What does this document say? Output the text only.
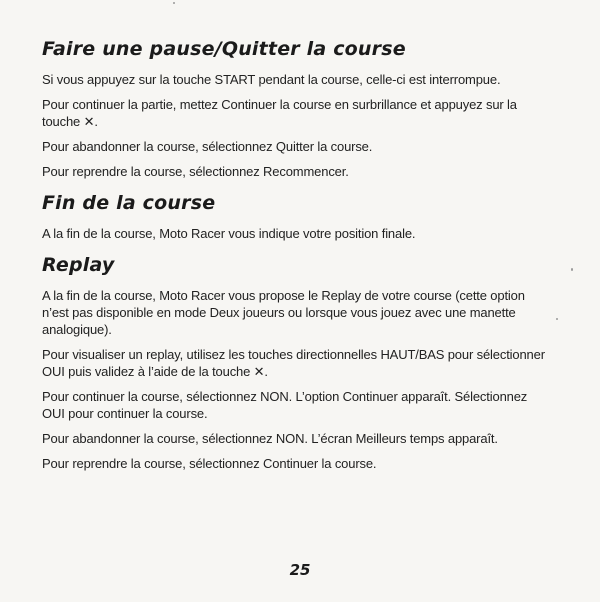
Faire une pause/Quitter la course

Si vous appuyez sur la touche START pendant la course, celle-ci est interrompue.

Pour continuer la partie, mettez Continuer la course en surbrillance et appuyez sur la touche ✕.

Pour abandonner la course, sélectionnez Quitter la course.

Pour reprendre la course, sélectionnez Recommencer.

Fin de la course

A la fin de la course, Moto Racer vous indique votre position finale.

Replay

A la fin de la course, Moto Racer vous propose le Replay de votre course (cette option n’est pas disponible en mode Deux joueurs ou lorsque vous jouez avec une manette analogique).

Pour visualiser un replay, utilisez les touches directionnelles HAUT/BAS pour sélectionner OUI puis validez à l’aide de la touche ✕.

Pour continuer la course, sélectionnez NON. L’option Continuer apparaît. Sélectionnez OUI pour continuer la course.

Pour abandonner la course, sélectionnez NON. L’écran Meilleurs temps apparaît.

Pour reprendre la course, sélectionnez Continuer la course.

25
